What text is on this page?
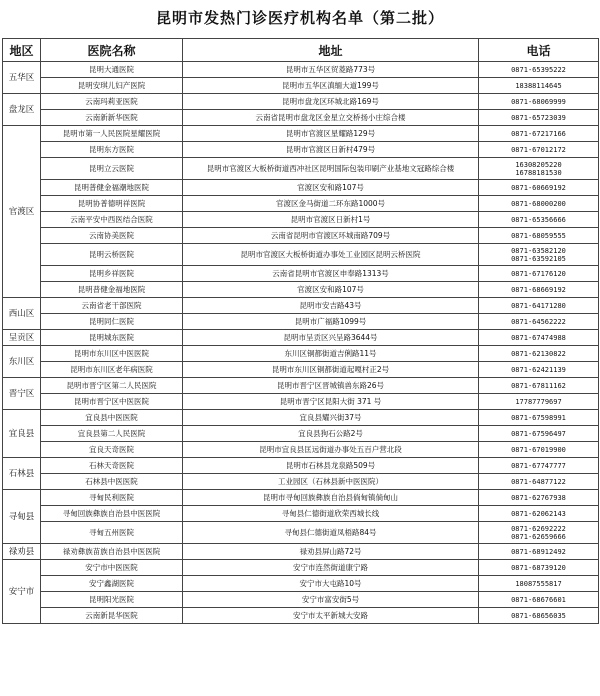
昆明市发热门诊医疗机构名单（第二批）
地区	医院名称	地址	电话
五华区	昆明大通医院	昆明市五华区贸菱路773号	0871-65395222

	昆明安琪儿妇产医院	昆明市五华区滇缅大道199号	18388114645

盘龙区	云南玛莉亚医院	昆明市盘龙区环城北路169号	0871-68069999

	云南新新华医院	云南省昆明市盘龙区金星立交桥扬小庄综合楼	0871-65723039

官渡区	昆明市第一人民医院星耀医院	昆明市官渡区星耀路129号	0871-67217166

	昆明东方医院	昆明市官渡区日新村479号	0871-67012172

	昆明立云医院	昆明市官渡区大板桥街道西冲社区昆明国际包装印刷产业基地文冠路综合楼	16308205220
16788181530

	昆明普健金福潮地医院	官渡区安和路107号	0871-60669192

	昆明协普德明祥医院	官渡区金马街道二环东路1000号	0871-68000200

	云南平安中西医结合医院	昆明市官渡区日新村1号	0871-65356666

	云南协美医院	云南省昆明市官渡区环城南路709号	0871-68059555

	昆明云桥医院	昆明市官渡区大板桥街道办事处工业园区昆明云桥医院	0871-63582120
0871-63592105

	昆明乡祥医院	云南省昆明市官渡区申奉路1313号	0871-67176120

	昆明普健金福地医院	官渡区安和路107号	0871-68669192

西山区	云南省老干部医院	昆明市安吉路43号	0871-64171280

	昆明同仁医院	昆明市广福路1099号	0871-64562222

呈贡区	昆明城东医院	昆明市呈贡区兴呈路3644号	0871-67474988

东川区	昆明市东川区中医医院	东川区铜都街道吉俐路11号	0871-62130822

	昆明市东川区老年病医院	昆明市东川区铜都街道起嘎村正2号	0871-62421139

晋宁区	昆明市晋宁区第二人民医院	昆明市晋宁区晋城镇兽东路26号	0871-67811162

	昆明市晋宁区中医医院	昆明市晋宁区昆阳大街 371 号	17787779697

宜良县	宜良县中医医院	宜良县耀兴街37号	0871-67598991

	宜良县第二人民医院	宜良县狗石公路2号	0871-67596497

	宜良天奇医院	昆明市宜良县匡远街道办事处五百户营北段	0871-67019900

石林县	石林天奇医院	昆明市石林县龙泉路509号	0871-67747777

	石林县中医医院	工业园区（石林县新中医医院）	0871-64877122

寻甸县	寻甸民利医院	昆明市寻甸回族彝族自治县倘甸镇倘甸山	0871-62767938

	寻甸回族彝族自治县中医医院	寻甸县仁德街道欣荣西城长线	0871-62062143

	寻甸五州医院	寻甸县仁德街道凤梧路84号	0871-62692222
0871-62659666

禄劝县	禄劝彝族苗族自治县中医医院	禄劝县屏山路72号	0871-68912492

安宁市	安宁市中医医院	安宁市连然街道康宁路	0871-68739120

	安宁鑫湖医院	安宁市大屯路10号	18087555817

	昆明阳光医院	安宁市富安街5号	0871-68676601

	云南新昆华医院	安宁市太平新城大安路	0871-68656035
